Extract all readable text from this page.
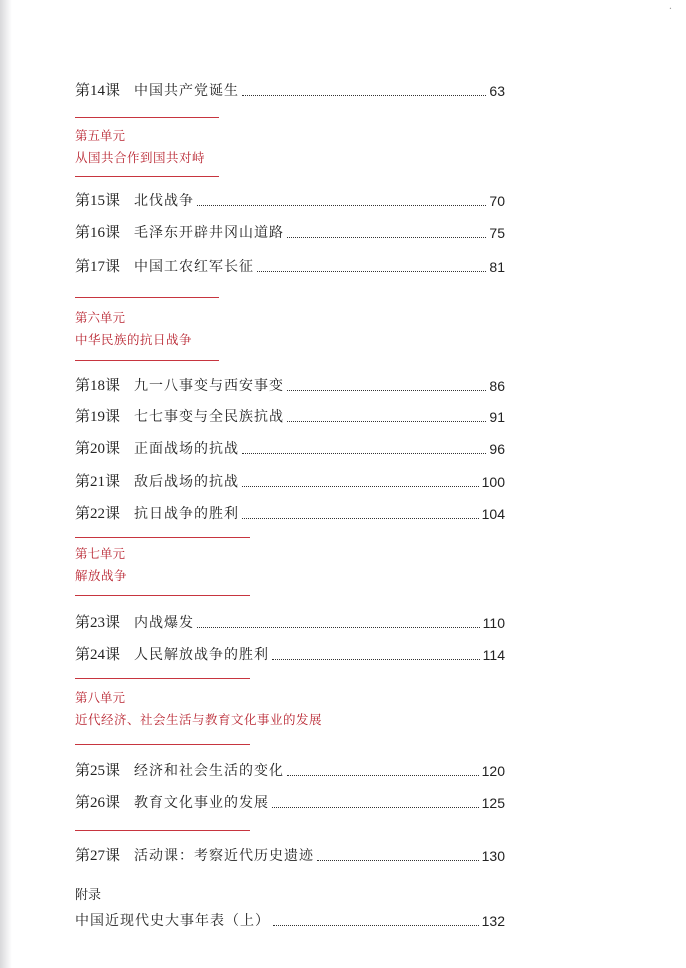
·
第14课 中国共产党诞生	63
第五单元
从国共合作到国共对峙
第15课 北伐战争	70
第16课 毛泽东开辟井冈山道路	75
第17课 中国工农红军长征	81
第六单元
中华民族的抗日战争
第18课 九一八事变与西安事变	86
第19课 七七事变与全民族抗战	91
第20课 正面战场的抗战	96
第21课 敌后战场的抗战	100
第22课 抗日战争的胜利	104
第七单元
解放战争
第23课 内战爆发	110
第24课 人民解放战争的胜利	114
第八单元
近代经济、社会生活与教育文化事业的发展
第25课 经济和社会生活的变化	120
第26课 教育文化事业的发展	125
第27课 活动课：考察近代历史遗迹	130
附录
中国近现代史大事年表（上）	132
